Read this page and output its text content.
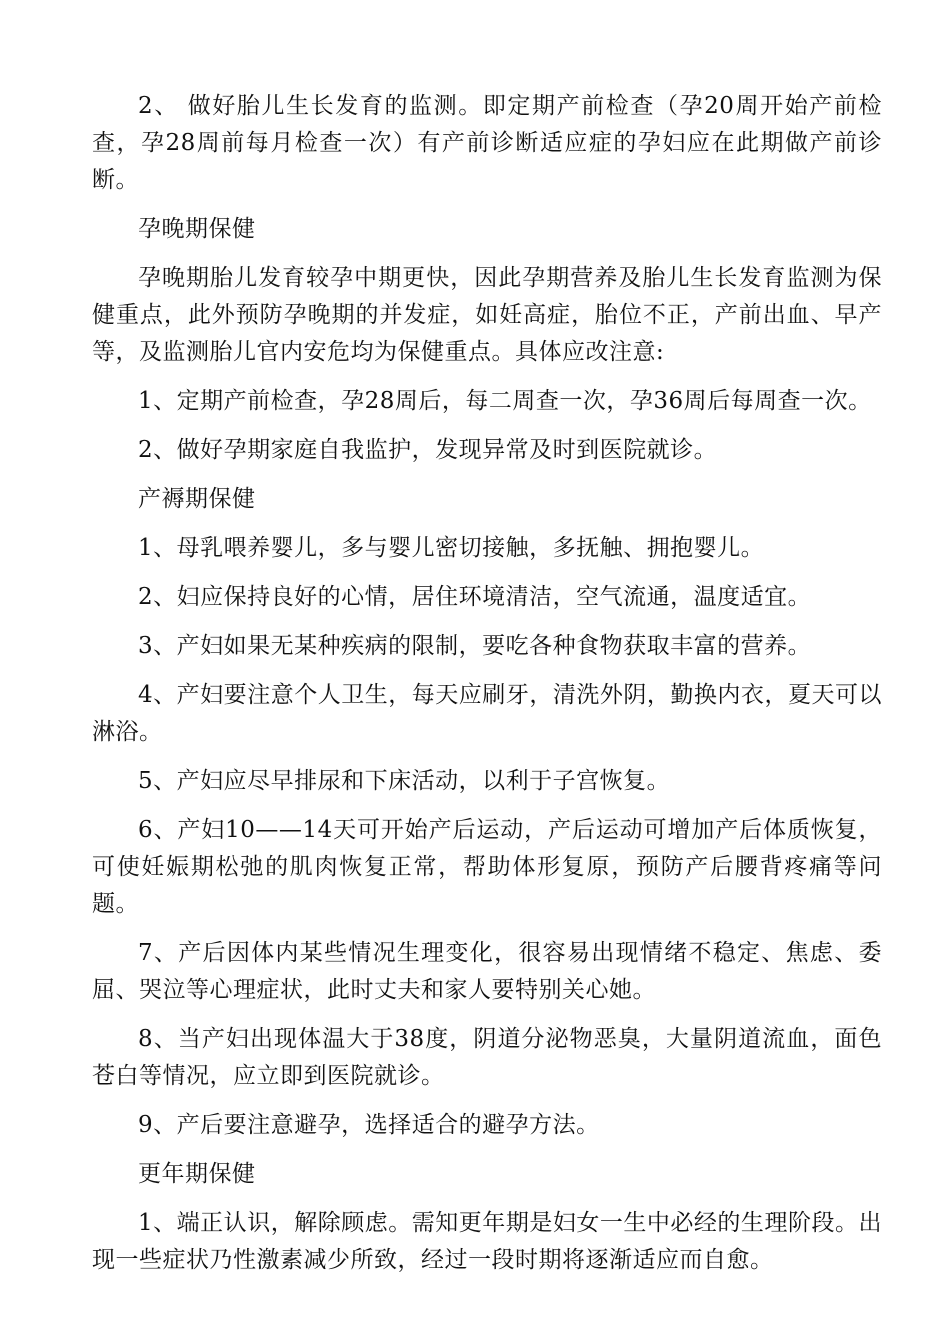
2、 做好胎儿生长发育的监测。即定期产前检查（孕20周开始产前检查，孕28周前每月检查一次）有产前诊断适应症的孕妇应在此期做产前诊断。

孕晚期保健

孕晚期胎儿发育较孕中期更快，因此孕期营养及胎儿生长发育监测为保健重点，此外预防孕晚期的并发症，如妊高症，胎位不正，产前出血、早产等，及监测胎儿官内安危均为保健重点。具体应改注意:

1、定期产前检查，孕28周后，每二周查一次，孕36周后每周查一次。

2、做好孕期家庭自我监护，发现异常及时到医院就诊。

产褥期保健

1、母乳喂养婴儿，多与婴儿密切接触，多抚触、拥抱婴儿。

2、妇应保持良好的心情，居住环境清洁，空气流通，温度适宜。

3、产妇如果无某种疾病的限制，要吃各种食物获取丰富的营养。

4、产妇要注意个人卫生，每天应刷牙，清洗外阴，勤换内衣，夏天可以淋浴。

5、产妇应尽早排尿和下床活动，以利于子宫恢复。

6、产妇10——14天可开始产后运动，产后运动可增加产后体质恢复，可使妊娠期松弛的肌肉恢复正常，帮助体形复原，预防产后腰背疼痛等问题。

7、产后因体内某些情况生理变化，很容易出现情绪不稳定、焦虑、委屈、哭泣等心理症状，此时丈夫和家人要特别关心她。

8、当产妇出现体温大于38度，阴道分泌物恶臭，大量阴道流血，面色苍白等情况，应立即到医院就诊。

9、产后要注意避孕，选择适合的避孕方法。

更年期保健

1、端正认识，解除顾虑。需知更年期是妇女一生中必经的生理阶段。出现一些症状乃性激素减少所致，经过一段时期将逐渐适应而自愈。
